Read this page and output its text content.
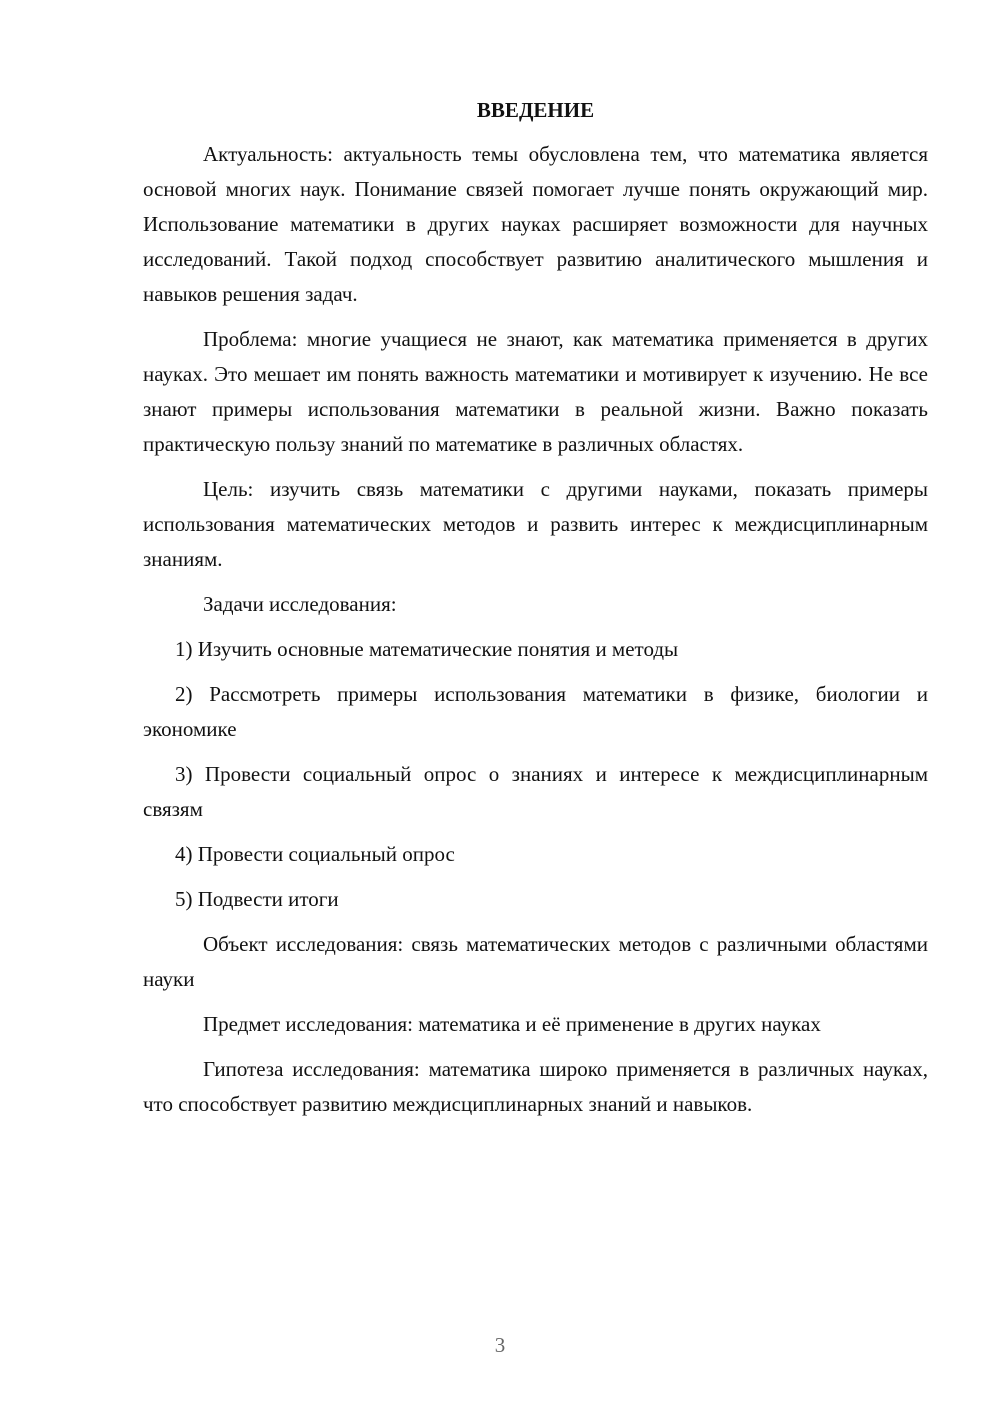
ВВЕДЕНИЕ

Актуальность: актуальность темы обусловлена тем, что математика является основой многих наук. Понимание связей помогает лучше понять окружающий мир. Использование математики в других науках расширяет возможности для научных исследований. Такой подход способствует развитию аналитического мышления и навыков решения задач.

Проблема: многие учащиеся не знают, как математика применяется в других науках. Это мешает им понять важность математики и мотивирует к изучению. Не все знают примеры использования математики в реальной жизни. Важно показать практическую пользу знаний по математике в различных областях.

Цель: изучить связь математики с другими науками, показать примеры использования математических методов и развить интерес к междисциплинарным знаниям.

Задачи исследования:

1) Изучить основные математические понятия и методы

2) Рассмотреть примеры использования математики в физике, биологии и экономике

3) Провести социальный опрос о знаниях и интересе к междисциплинарным связям

4) Провести социальный опрос

5) Подвести итоги

Объект исследования: связь математических методов с различными областями науки

Предмет исследования: математика и её применение в других науках

Гипотеза исследования: математика широко применяется в различных науках, что способствует развитию междисциплинарных знаний и навыков.

3
